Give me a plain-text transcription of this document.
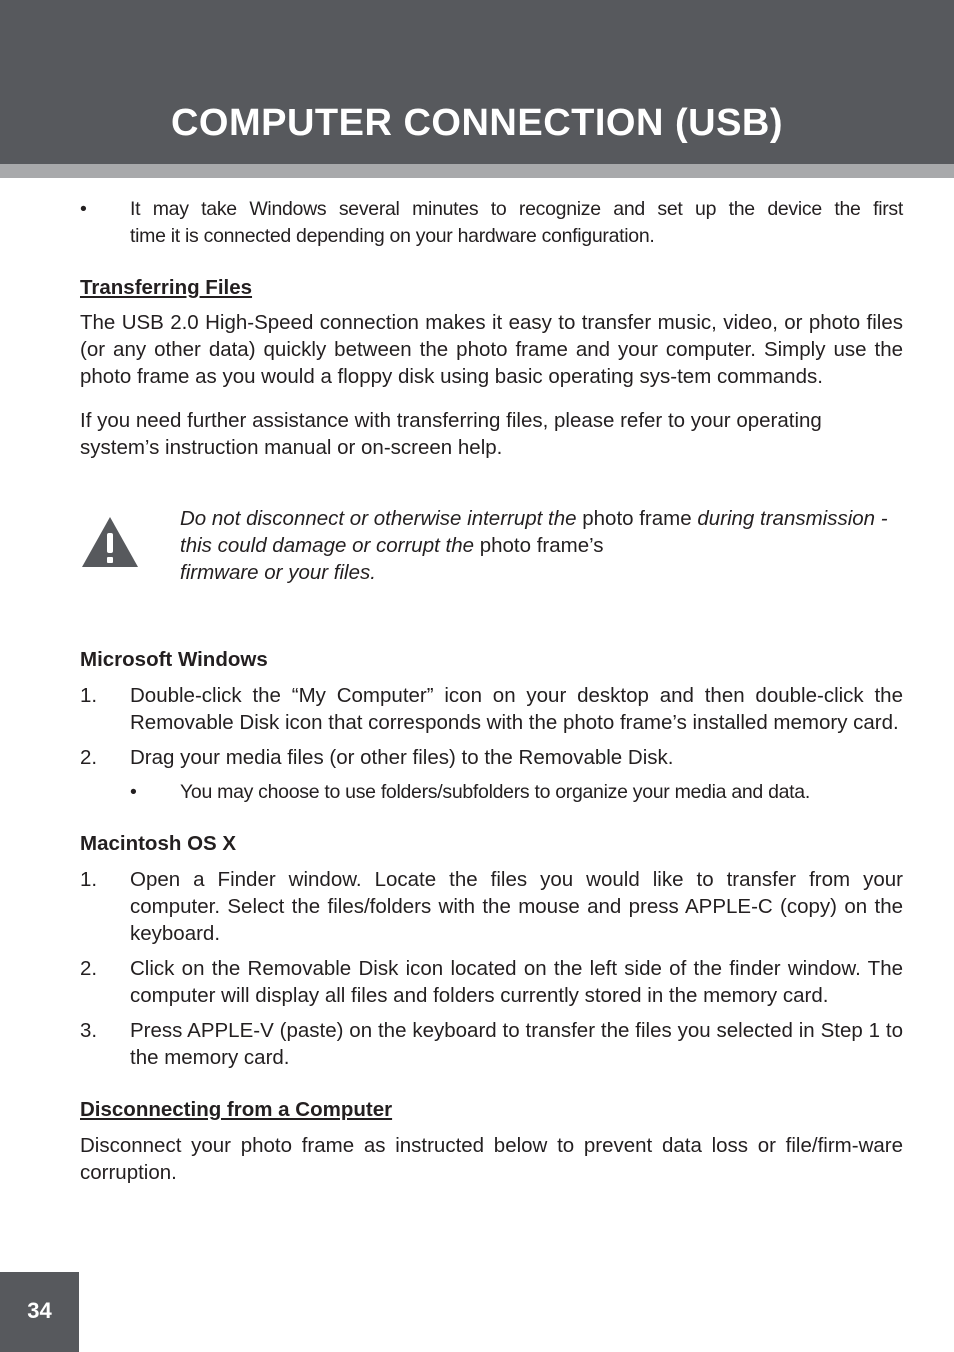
COMPUTER CONNECTION (USB)
•	It may take Windows several minutes to recognize and set up the device the first
time it is connected depending on your hardware configuration.
Transferring Files

The USB 2.0 High-Speed connection makes it easy to transfer music, video, or photo files (or any other data) quickly between the photo frame and your computer. Simply use the photo frame as you would a floppy disk using basic operating sys-tem commands.

If you need further assistance with transferring files, please refer to your operating system’s instruction manual or on-screen help.

Do not disconnect or otherwise interrupt the photo frame during transmission - this could damage or corrupt the photo frame’s
firmware or your files.
Microsoft Windows
1.	Double-click the “My Computer” icon on your desktop and then double-click the Removable Disk icon that corresponds with the photo frame’s installed memory card.
2.	Drag your media files (or other files) to the Removable Disk.
•	You may choose to use folders/subfolders to organize your media and data.
Macintosh OS X
1.	Open a Finder window. Locate the files you would like to transfer from your computer. Select the files/folders with the mouse and press APPLE-C (copy) on the keyboard.
2.	Click on the Removable Disk icon located on the left side of the finder window. The computer will display all files and folders currently stored in the memory card.
3.	Press APPLE-V (paste) on the keyboard to transfer the files you selected in Step 1 to the memory card.
Disconnecting from a Computer

Disconnect your photo frame as instructed below to prevent data loss or file/firm-ware corruption.

34
